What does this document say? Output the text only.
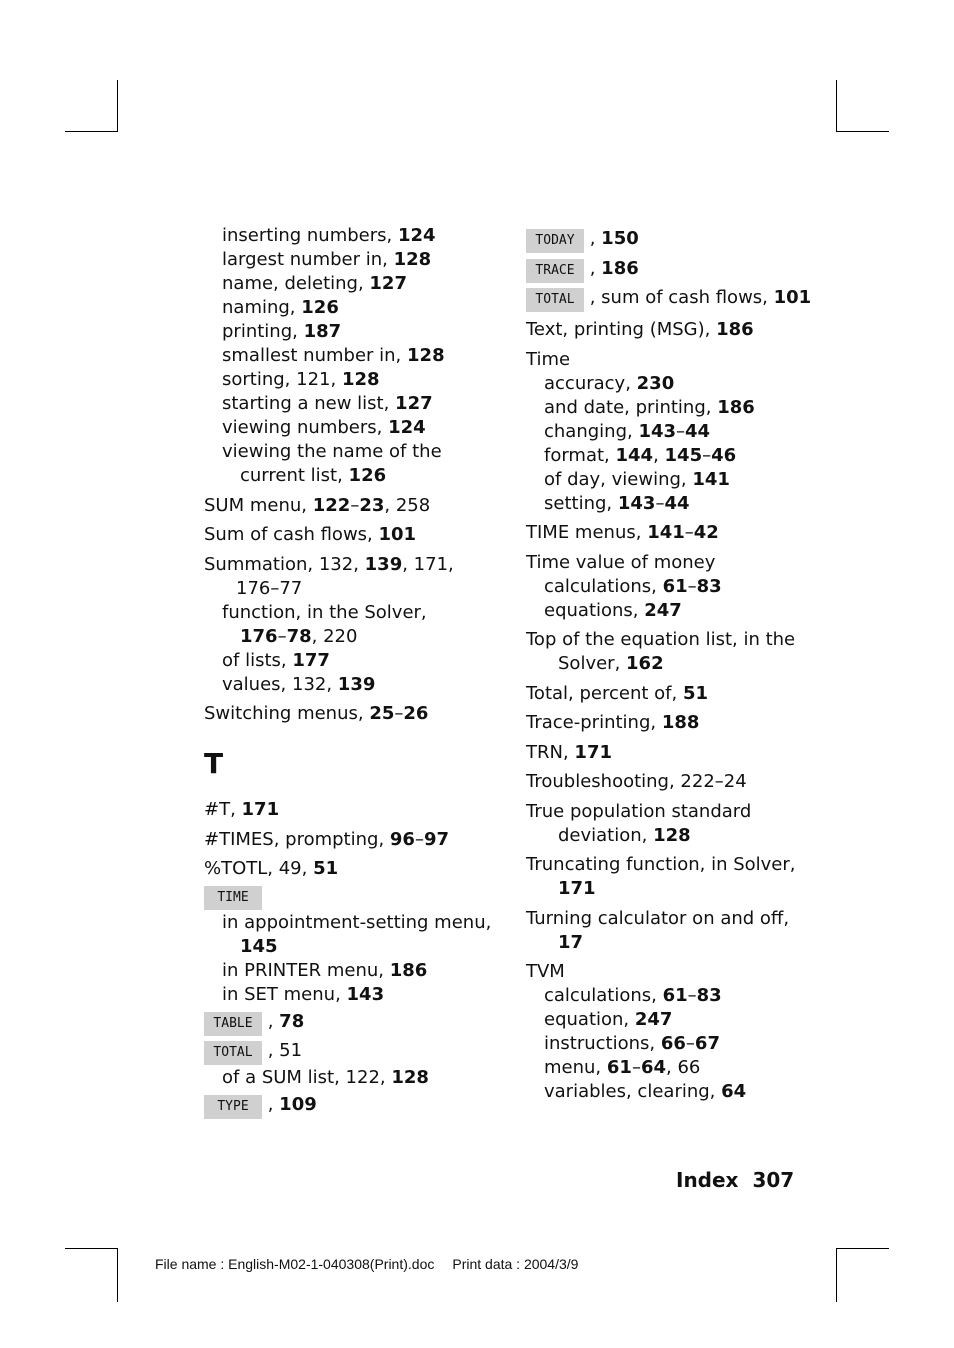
inserting numbers, 124
largest number in, 128
name, deleting, 127
naming, 126
printing, 187
smallest number in, 128
sorting, 121, 128
starting a new list, 127
viewing numbers, 124
viewing the name of the
current list, 126
SUM menu, 122–23, 258
Sum of cash flows, 101
Summation, 132, 139, 171,
176–77
function, in the Solver,
176–78, 220
of lists, 177
values, 132, 139
Switching menus, 25–26
T
#T, 171
#TIMES, prompting, 96–97
%TOTL, 49, 51
TIME
in appointment-setting menu,
145
in PRINTER menu, 186
in SET menu, 143
TABLE , 78
TOTAL , 51
of a SUM list, 122, 128
TYPE , 109
TODAY , 150
TRACE , 186
TOTAL , sum of cash flows, 101
Text, printing (MSG), 186
Time
accuracy, 230
and date, printing, 186
changing, 143–44
format, 144, 145–46
of day, viewing, 141
setting, 143–44
TIME menus, 141–42
Time value of money
calculations, 61–83
equations, 247
Top of the equation list, in the
Solver, 162
Total, percent of, 51
Trace-printing, 188
TRN, 171
Troubleshooting, 222–24
True population standard
deviation, 128
Truncating function, in Solver,
171
Turning calculator on and off,
17
TVM
calculations, 61–83
equation, 247
instructions, 66–67
menu, 61–64, 66
variables, clearing, 64
Index 307
File name : English-M02-1-040308(Print).doc Print data : 2004/3/9
